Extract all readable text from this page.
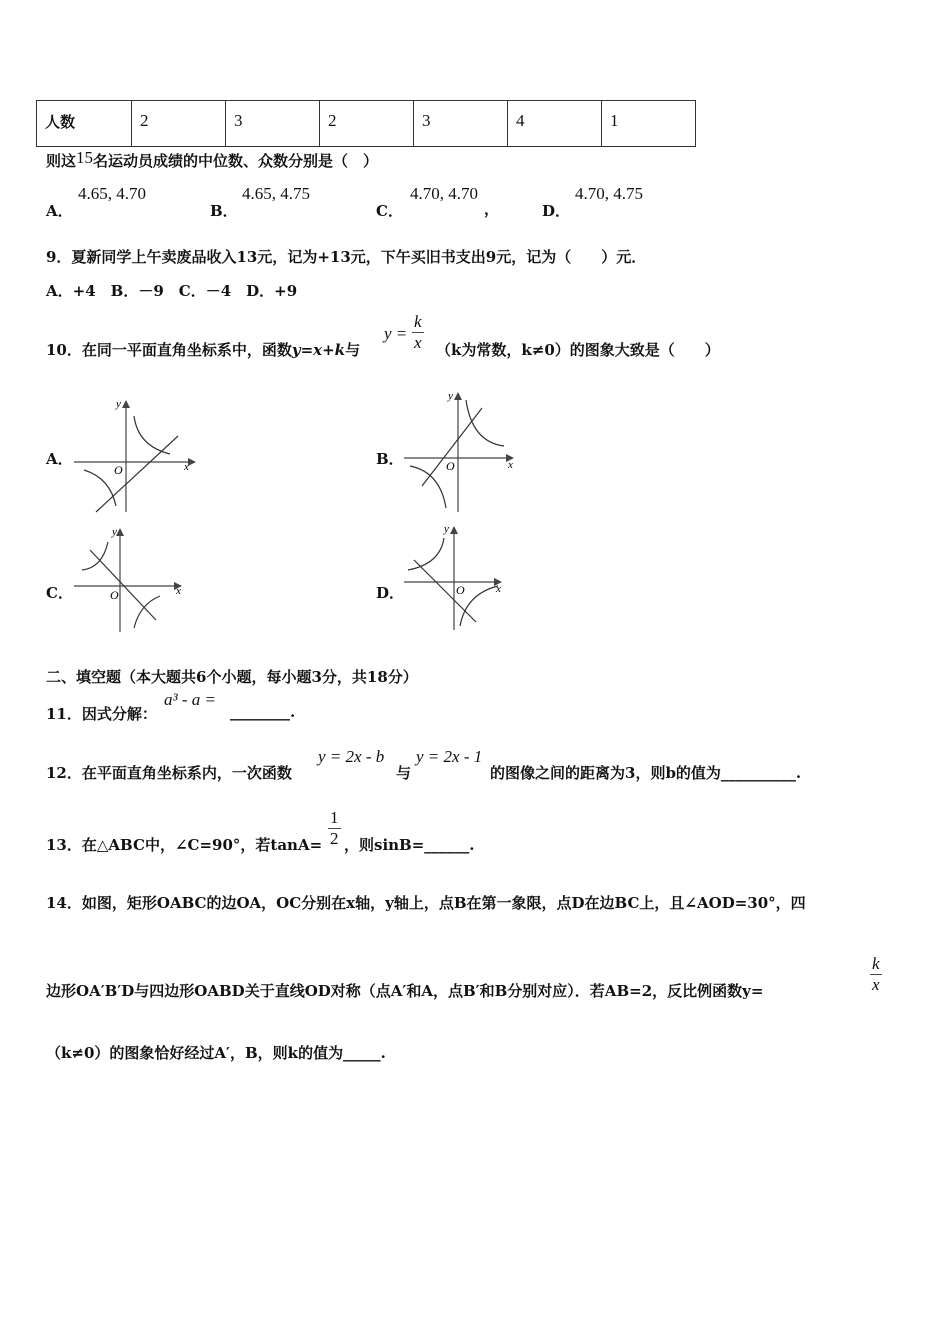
人数	2	3	2	3	4	1
则这15名运动员成绩的中位数、众数分别是（　）
A．
4.65, 4.70
B．
4.65, 4.75
C．
4.70, 4.70
，	D．
4.70, 4.75
9．夏新同学上午卖废品收入13元，记为+13元，下午买旧书支出9元，记为（　　）元．
A．+4　B．－9　C．－4　D．+9
10．在同一平面直角坐标系中，函数y=x+k与
$y = \frac{k}{x} (k$为常数，k≠0）的图象大致是（　　）
A．	x
y
O
B．	x
y
O
C．	x
y
O	D．	x
y
O
二、填空题（本大题共6个小题，每小题3分，共18分）
11．因式分解：
a³ - a =
________.
12．在平面直角坐标系内，一次函数
y = 2x - b
与
y = 2x - 1
的图像之间的距离为3，则b的值为__________.
13．在△ABC中，∠C=90°，若$\tan A= \frac{1}{2}$ ，则sinB=______.
14．如图，矩形OABC的边OA，OC分别在x轴，y轴上，点B在第一象限，点D在边BC上，且∠AOD=30°，四
边形OA′B′D与四边形OABD关于直线OD对称（点A′和A，点B′和B分别对应）．若AB=2，反比例函数y=	$\frac{k}{x}$
（k≠0）的图象恰好经过A′，B，则k的值为_____.
